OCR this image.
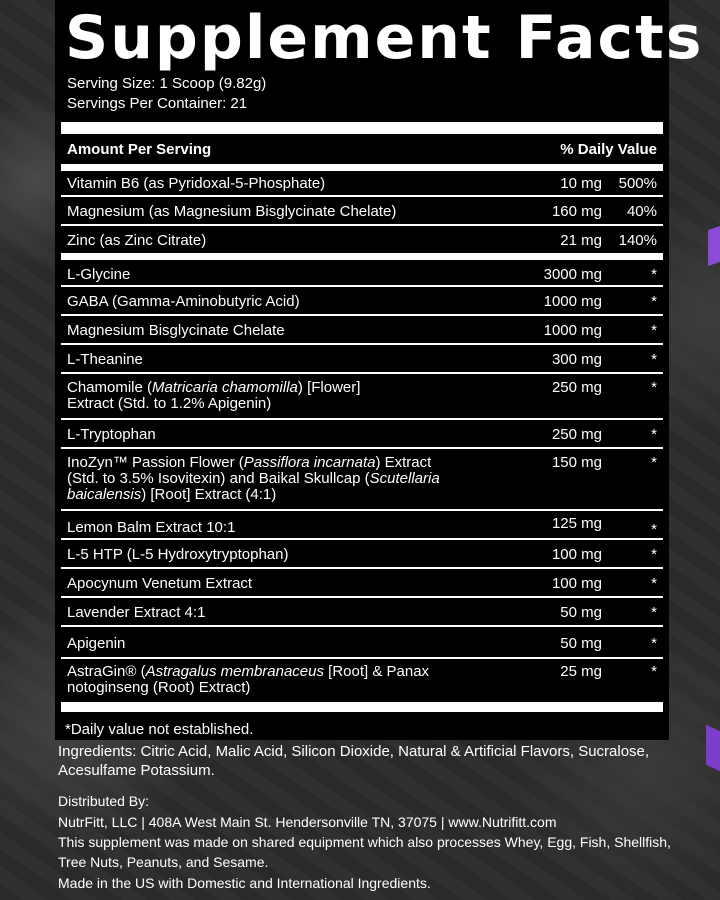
Supplement Facts
Serving Size: 1 Scoop (9.82g)
Servings Per Container: 21
Amount Per Serving	% Daily Value
Vitamin B6 (as Pyridoxal-5-Phosphate)	10 mg	500%
Magnesium (as Magnesium Bisglycinate Chelate)	160 mg	40%
Zinc (as Zinc Citrate)	21 mg	140%
L-Glycine	3000 mg	*
GABA (Gamma-Aminobutyric Acid)	1000 mg	*
Magnesium Bisglycinate Chelate	1000 mg	*
L-Theanine	300 mg	*
Chamomile (Matricaria chamomilla) [Flower]
Extract (Std. to 1.2% Apigenin)
250 mg	*
L-Tryptophan	250 mg	*
InoZyn™ Passion Flower (Passiflora incarnata) Extract
(Std. to 3.5% Isovitexin) and Baikal Skullcap (Scutellaria
baicalensis) [Root] Extract (4:1)
150 mg	*
Lemon Balm Extract 10:1	125 mg	*
L-5 HTP (L-5 Hydroxytryptophan)	100 mg	*
Apocynum Venetum Extract	100 mg	*
Lavender Extract 4:1	50 mg	*
Apigenin	50 mg	*
AstraGin® (Astragalus membranaceus [Root] & Panax
notoginseng (Root) Extract)
25 mg	*
*Daily value not established.
Ingredients: Citric Acid, Malic Acid, Silicon Dioxide, Natural & Artificial Flavors, Sucralose, Acesulfame Potassium.
Distributed By:
NutrFitt, LLC | 408A West Main St. Hendersonville TN, 37075 | www.Nutrifitt.com
This supplement was made on shared equipment which also processes Whey, Egg, Fish, Shellfish, Tree Nuts, Peanuts, and Sesame.
Made in the US with Domestic and International Ingredients.
